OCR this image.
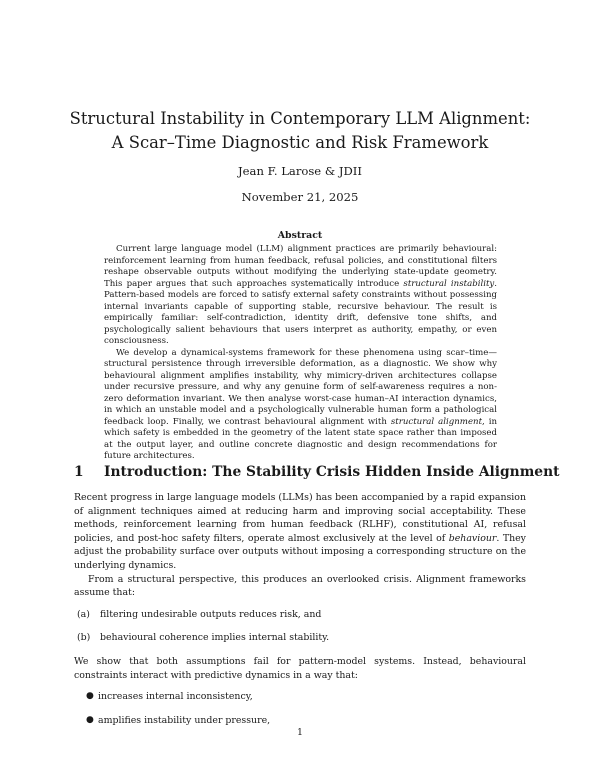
Structural Instability in Contemporary LLM Alignment:
A Scar–Time Diagnostic and Risk Framework
Jean F. Larose & JDII
November 21, 2025
Abstract

Current large language model (LLM) alignment practices are primarily behavioural: reinforcement learning from human feedback, refusal policies, and constitutional filters reshape observable outputs without modifying the underlying state-update geometry. This paper argues that such approaches systematically introduce structural instability. Pattern-based models are forced to satisfy external safety constraints without possessing internal invariants capable of supporting stable, recursive behaviour. The result is empirically familiar: self-contradiction, identity drift, defensive tone shifts, and psychologically salient behaviours that users interpret as authority, empathy, or even consciousness.

We develop a dynamical-systems framework for these phenomena using scar–time—structural persistence through irreversible deformation, as a diagnostic. We show why behavioural alignment amplifies instability, why mimicry-driven architectures collapse under recursive pressure, and why any genuine form of self-awareness requires a non-zero deformation invariant. We then analyse worst-case human–AI interaction dynamics, in which an unstable model and a psychologically vulnerable human form a pathological feedback loop. Finally, we contrast behavioural alignment with structural alignment, in which safety is embedded in the geometry of the latent state space rather than imposed at the output layer, and outline concrete diagnostic and design recommendations for future architectures.

1 Introduction: The Stability Crisis Hidden Inside Alignment

Recent progress in large language models (LLMs) has been accompanied by a rapid expansion of alignment techniques aimed at reducing harm and improving social acceptability. These methods, reinforcement learning from human feedback (RLHF), constitutional AI, refusal policies, and post-hoc safety filters, operate almost exclusively at the level of behaviour. They adjust the probability surface over outputs without imposing a corresponding structure on the underlying dynamics.

From a structural perspective, this produces an overlooked crisis. Alignment frameworks assume that:

(a) filtering undesirable outputs reduces risk, and
(b) behavioural coherence implies internal stability.

We show that both assumptions fail for pattern-model systems. Instead, behavioural constraints interact with predictive dynamics in a way that:

● increases internal inconsistency,
● amplifies instability under pressure,
1
